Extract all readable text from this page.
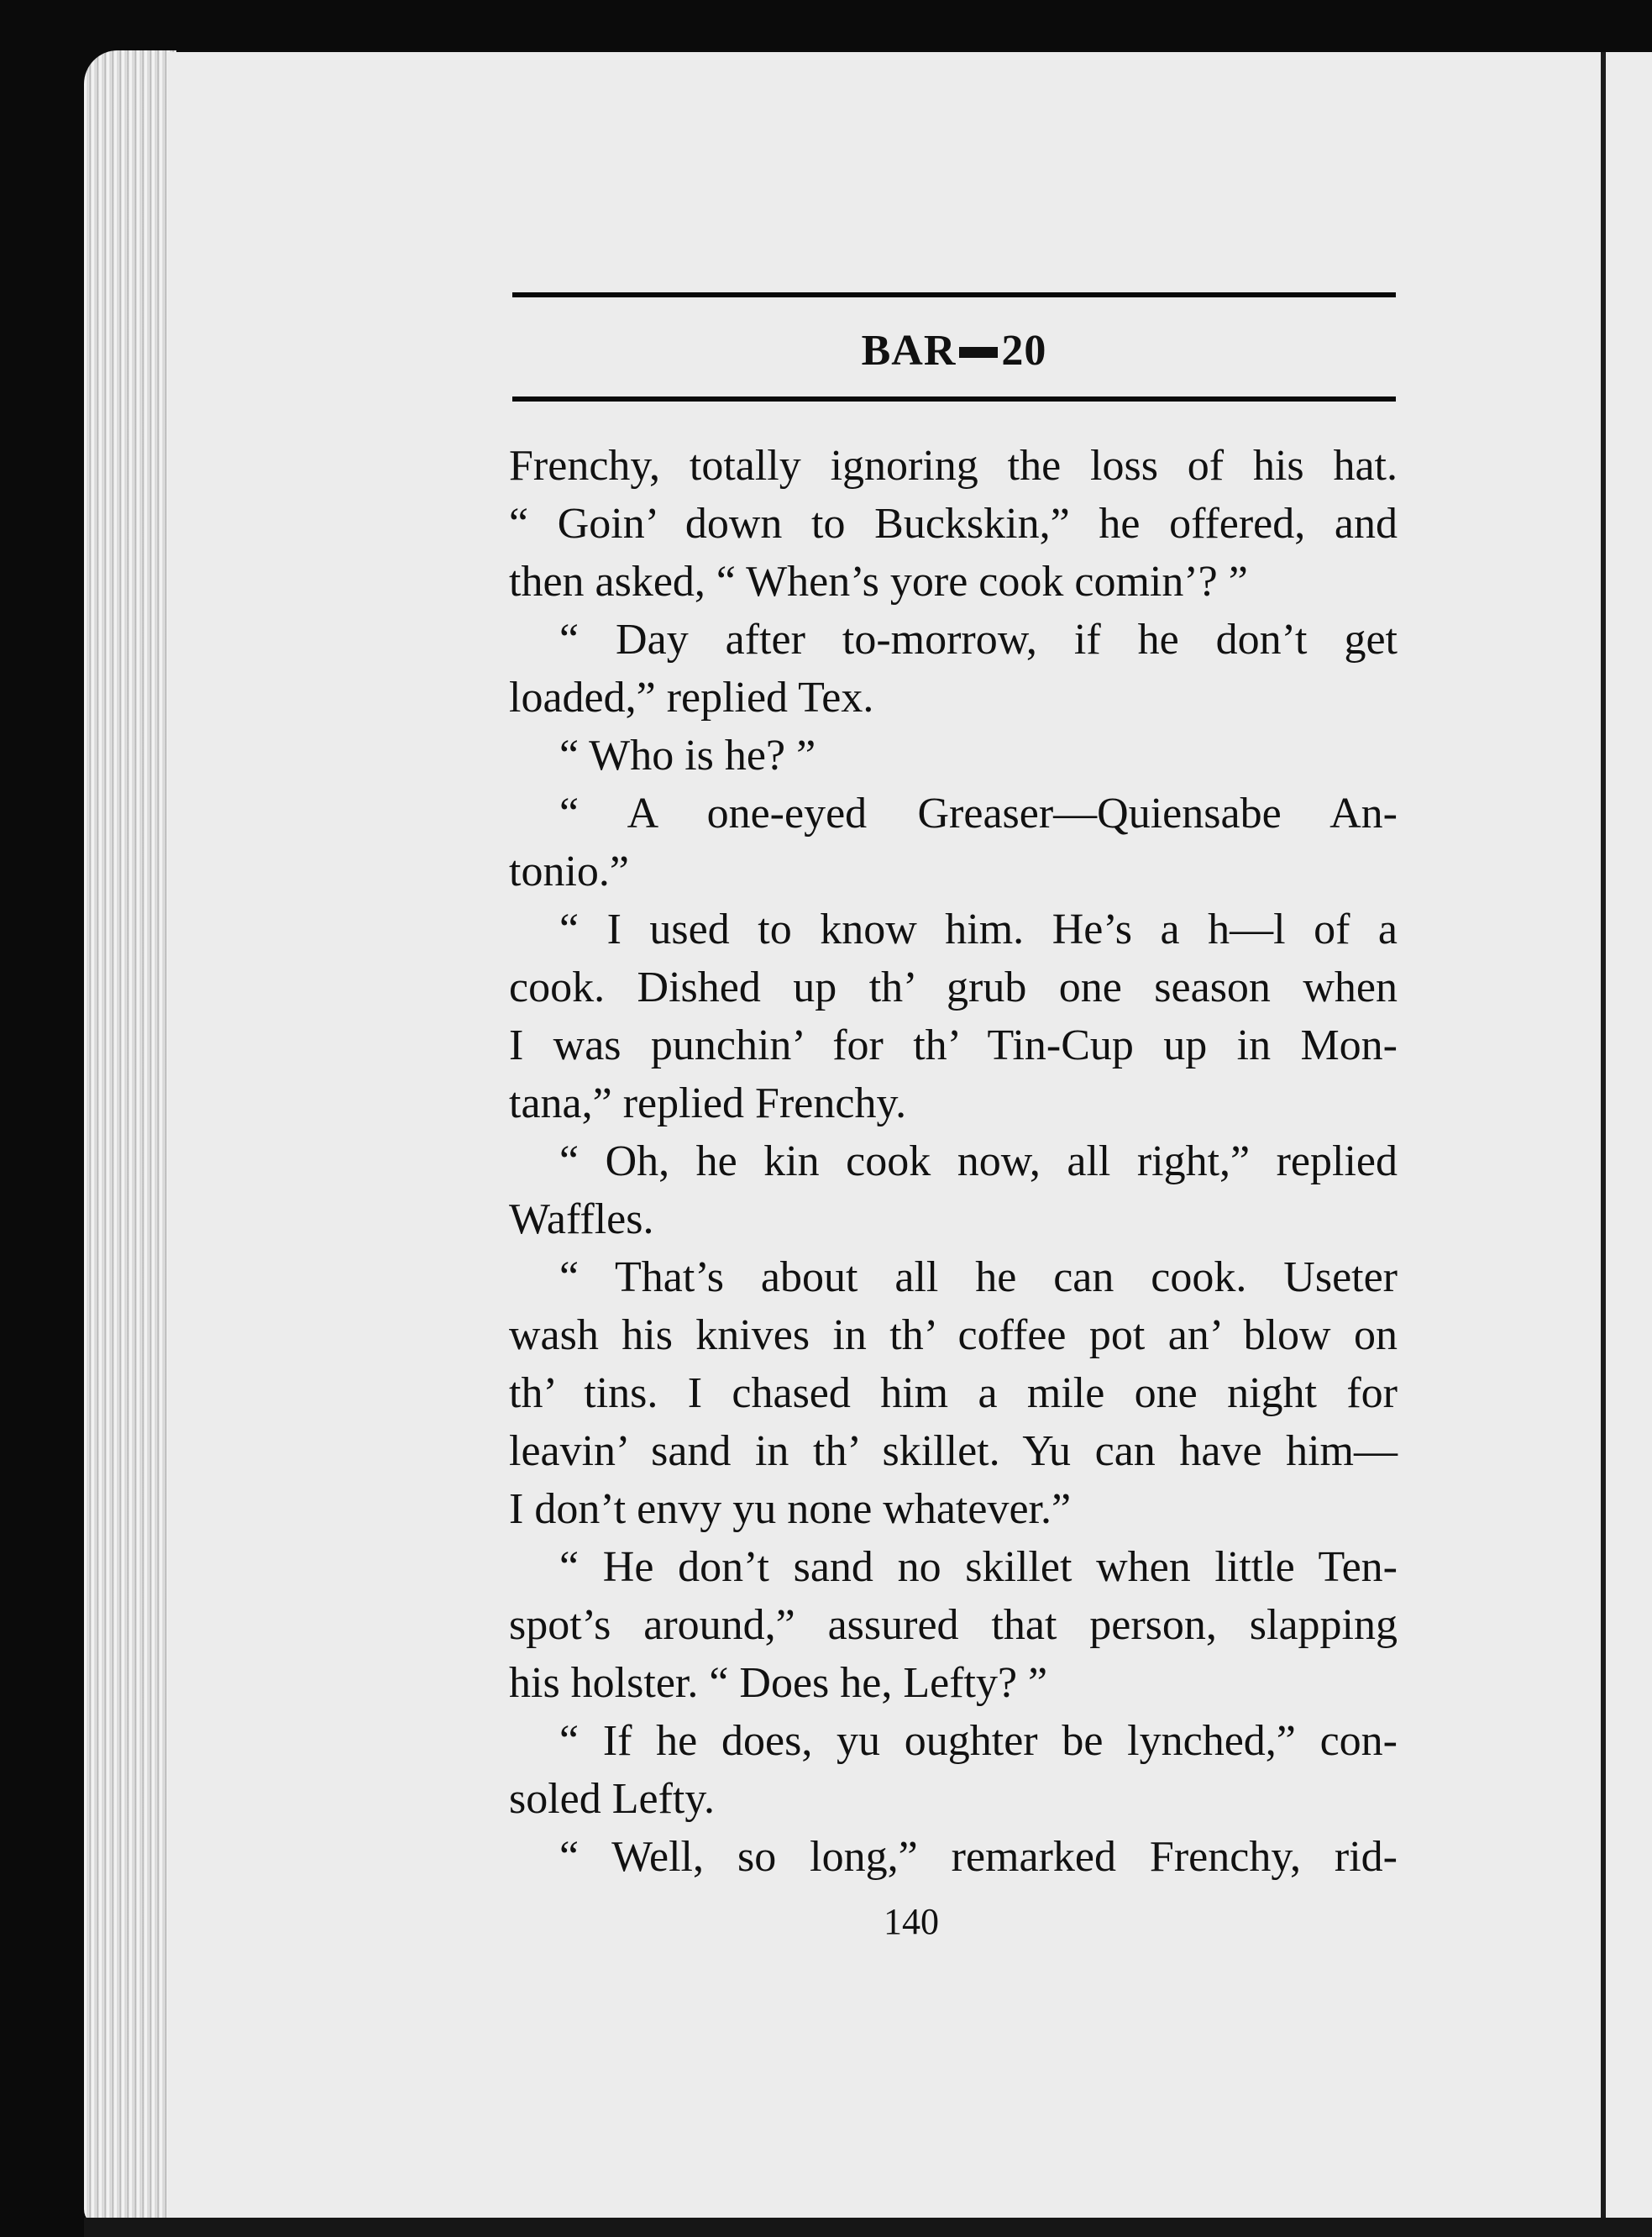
BAR 20
Frenchy, totally ignoring the loss of his hat.
“ Goin’ down to Buckskin,” he offered, and
then asked, “ When’s yore cook comin’? ”
“ Day after to-morrow, if he don’t get
loaded,” replied Tex.
“ Who is he? ”
“ A one-eyed Greaser—Quiensabe An-
tonio.”
“ I used to know him. He’s a h—l of a
cook. Dished up th’ grub one season when
I was punchin’ for th’ Tin-Cup up in Mon-
tana,” replied Frenchy.
“ Oh, he kin cook now, all right,” replied
Waffles.
“ That’s about all he can cook. Useter
wash his knives in th’ coffee pot an’ blow on
th’ tins. I chased him a mile one night for
leavin’ sand in th’ skillet. Yu can have him—
I don’t envy yu none whatever.”
“ He don’t sand no skillet when little Ten-
spot’s around,” assured that person, slapping
his holster. “ Does he, Lefty? ”
“ If he does, yu oughter be lynched,” con-
soled Lefty.
“ Well, so long,” remarked Frenchy, rid-
140
